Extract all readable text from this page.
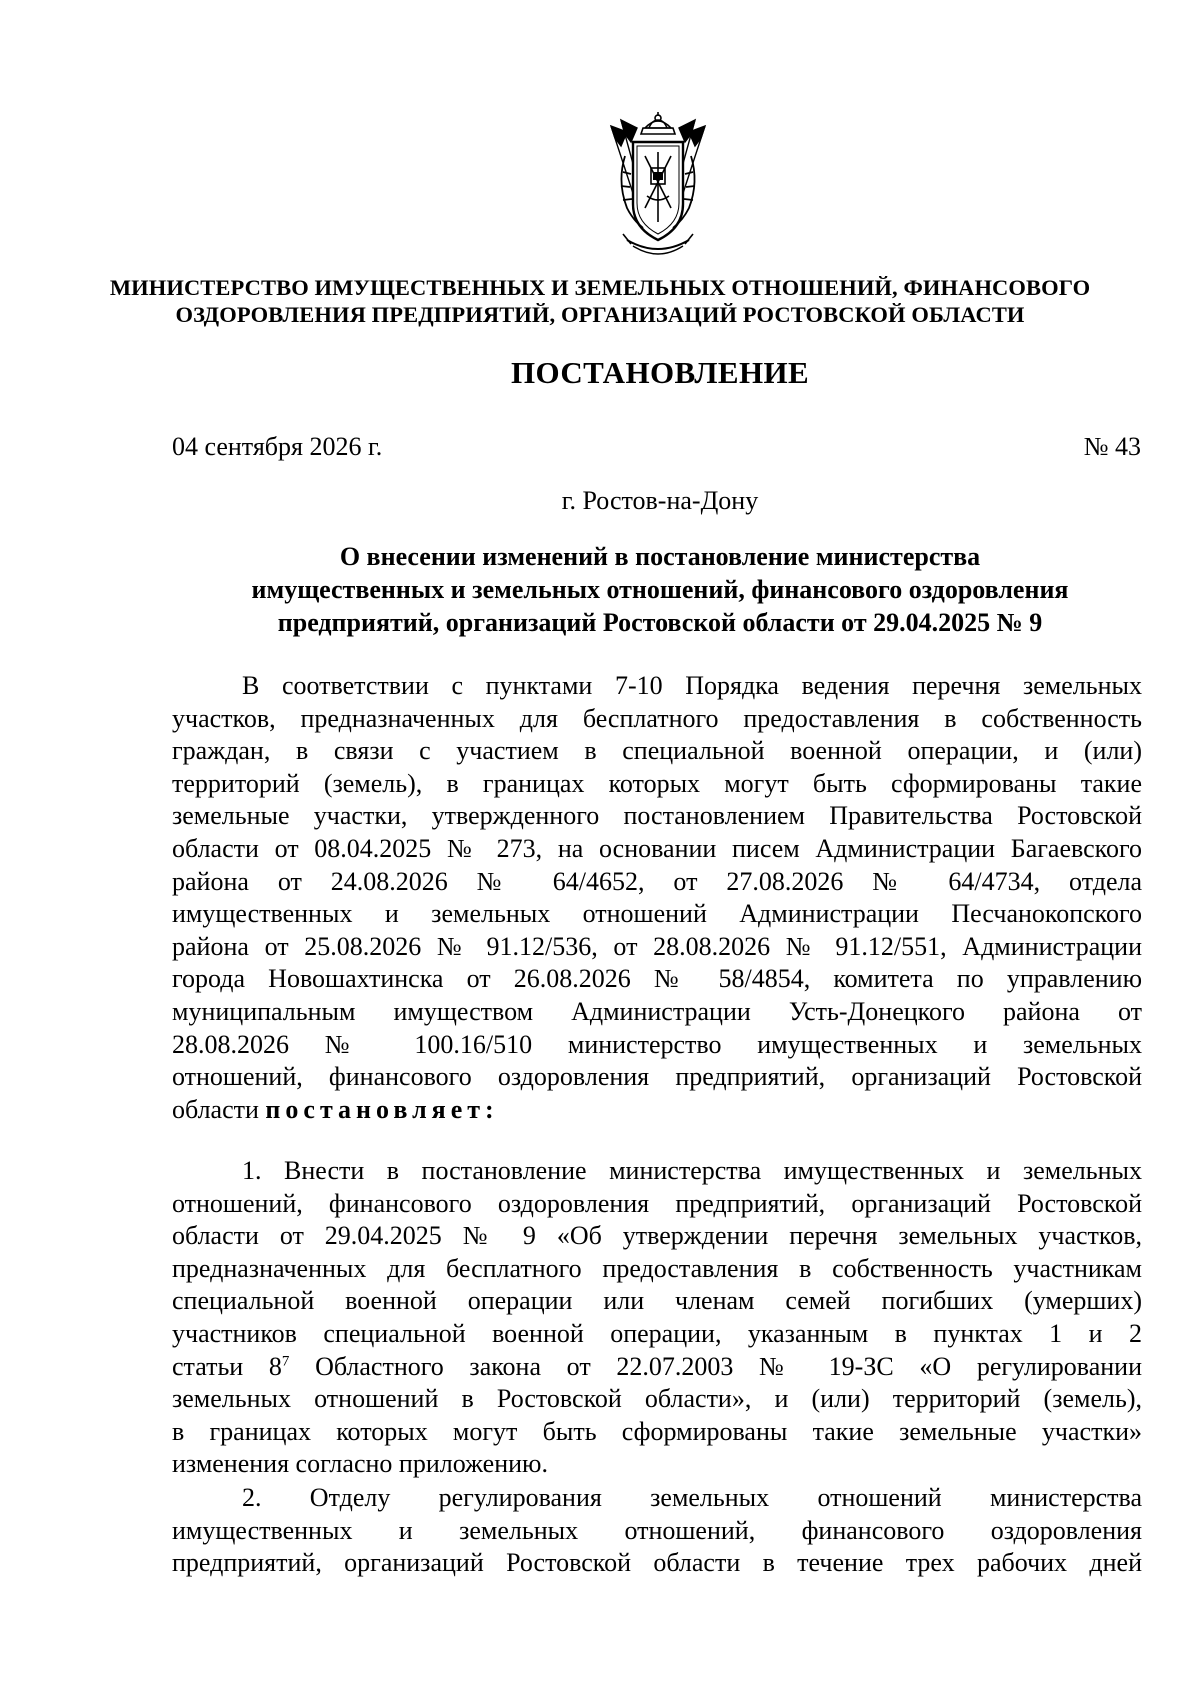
МИНИСТЕРСТВО ИМУЩЕСТВЕННЫХ И ЗЕМЕЛЬНЫХ ОТНОШЕНИЙ, ФИНАНСОВОГО
ОЗДОРОВЛЕНИЯ ПРЕДПРИЯТИЙ, ОРГАНИЗАЦИЙ РОСТОВСКОЙ ОБЛАСТИ
ПОСТАНОВЛЕНИЕ
04 сентября 2026 г.	№ 43
г. Ростов-на-Дону
О внесении изменений в постановление министерства
имущественных и земельных отношений, финансового оздоровления
предприятий, организаций Ростовской области от 29.04.2025 № 9
В соответствии с пунктами 7-10 Порядка ведения перечня земельных
участков, предназначенных для бесплатного предоставления в собственность
граждан, в связи с участием в специальной военной операции, и (или)
территорий (земель), в границах которых могут быть сформированы такие
земельные участки, утвержденного постановлением Правительства Ростовской
области от 08.04.2025 № 273, на основании писем Администрации Багаевского
района от 24.08.2026 № 64/4652, от 27.08.2026 № 64/4734, отдела
имущественных и земельных отношений Администрации Песчанокопского
района от 25.08.2026 № 91.12/536, от 28.08.2026 № 91.12/551, Администрации
города Новошахтинска от 26.08.2026 № 58/4854, комитета по управлению
муниципальным имуществом Администрации Усть-Донецкого района от
28.08.2026 № 100.16/510 министерство имущественных и земельных
отношений, финансового оздоровления предприятий, организаций Ростовской
области постановляет:
1. Внести в постановление министерства имущественных и земельных
отношений, финансового оздоровления предприятий, организаций Ростовской
области от 29.04.2025 № 9 «Об утверждении перечня земельных участков,
предназначенных для бесплатного предоставления в собственность участникам
специальной военной операции или членам семей погибших (умерших)
участников специальной военной операции, указанным в пунктах 1 и 2
статьи $8^7$ Областного закона от 22.07.2003 № 19-ЗС «О регулировании
земельных отношений в Ростовской области», и (или) территорий (земель),
в границах которых могут быть сформированы такие земельные участки»
изменения согласно приложению.
2. Отделу регулирования земельных отношений министерства
имущественных и земельных отношений, финансового оздоровления
предприятий, организаций Ростовской области в течение трех рабочих дней
